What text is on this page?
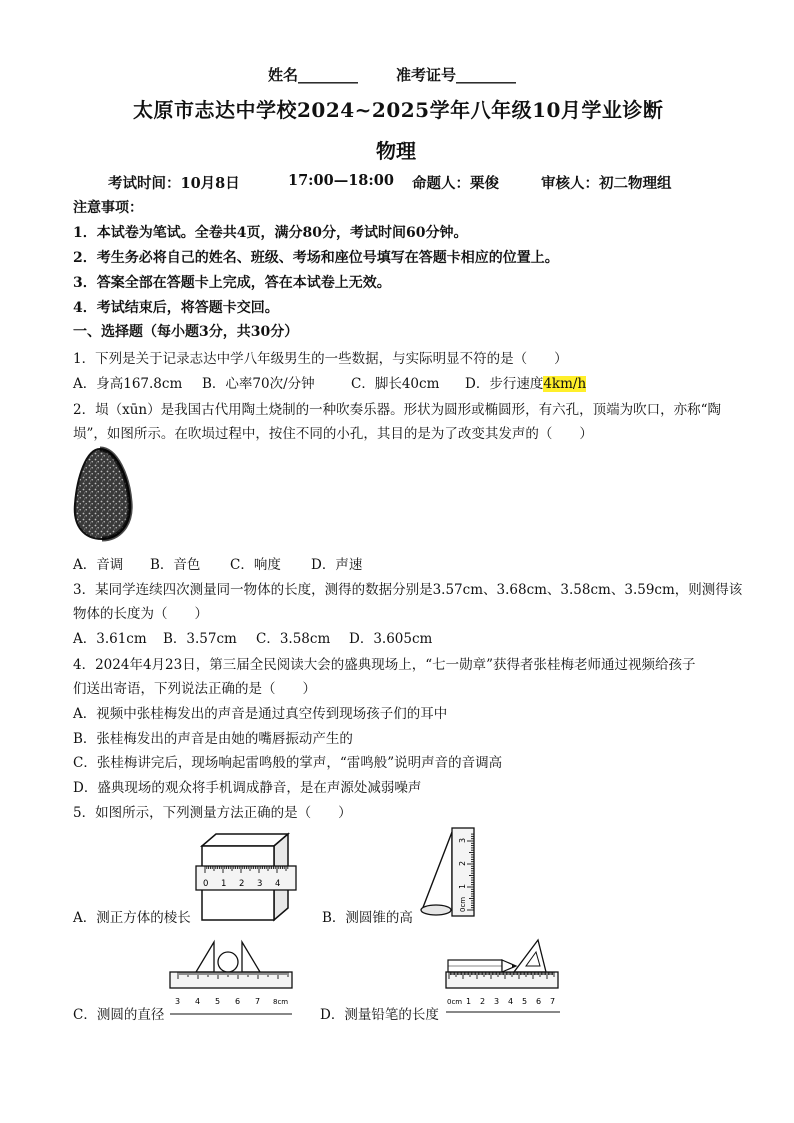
姓名________	准考证号________
太原市志达中学校2024~2025学年八年级10月学业诊断
物理
考试时间：10月8日	17:00—18:00 命题人：栗俊	审核人：初二物理组
注意事项：
1．本试卷为笔试。全卷共4页，满分80分，考试时间60分钟。
2．考生务必将自己的姓名、班级、考场和座位号填写在答题卡相应的位置上。
3．答案全部在答题卡上完成，答在本试卷上无效。
4．考试结束后，将答题卡交回。
一、选择题（每小题3分，共30分）
1．下列是关于记录志达中学八年级男生的一些数据，与实际明显不符的是（　　）
A．身高167.8cm B．心率70次/分钟	C．脚长40cm D．步行速度4km/h
2．埙（xūn）是我国古代用陶土烧制的一种吹奏乐器。形状为圆形或椭圆形，有六孔，顶端为吹口，亦称“陶
埙”，如图所示。在吹埙过程中，按住不同的小孔，其目的是为了改变其发声的（　　）
A．音调 B．音色 C．响度 D．声速
3．某同学连续四次测量同一物体的长度，测得的数据分别是3.57cm、3.68cm、3.58cm、3.59cm，则测得该
物体的长度为（　　）
A．3.61cm B．3.57cm C．3.58cm D．3.605cm
4．2024年4月23日，第三届全民阅读大会的盛典现场上，“七一勋章”获得者张桂梅老师通过视频给孩子
们送出寄语，下列说法正确的是（　　）
A．视频中张桂梅发出的声音是通过真空传到现场孩子们的耳中
B．张桂梅发出的声音是由她的嘴唇振动产生的
C．张桂梅讲完后，现场响起雷鸣般的掌声，“雷鸣般”说明声音的音调高
D．盛典现场的观众将手机调成静音，是在声源处减弱噪声
5．如图所示，下列测量方法正确的是（　　）
0 1 2 3 4
A．测正方体的棱长
0cm
1
2
3
B．测圆锥的高
3 4 5 6 7 8cm
C．测圆的直径
0cm 1 2 3 4 5 6 7
D．测量铅笔的长度
